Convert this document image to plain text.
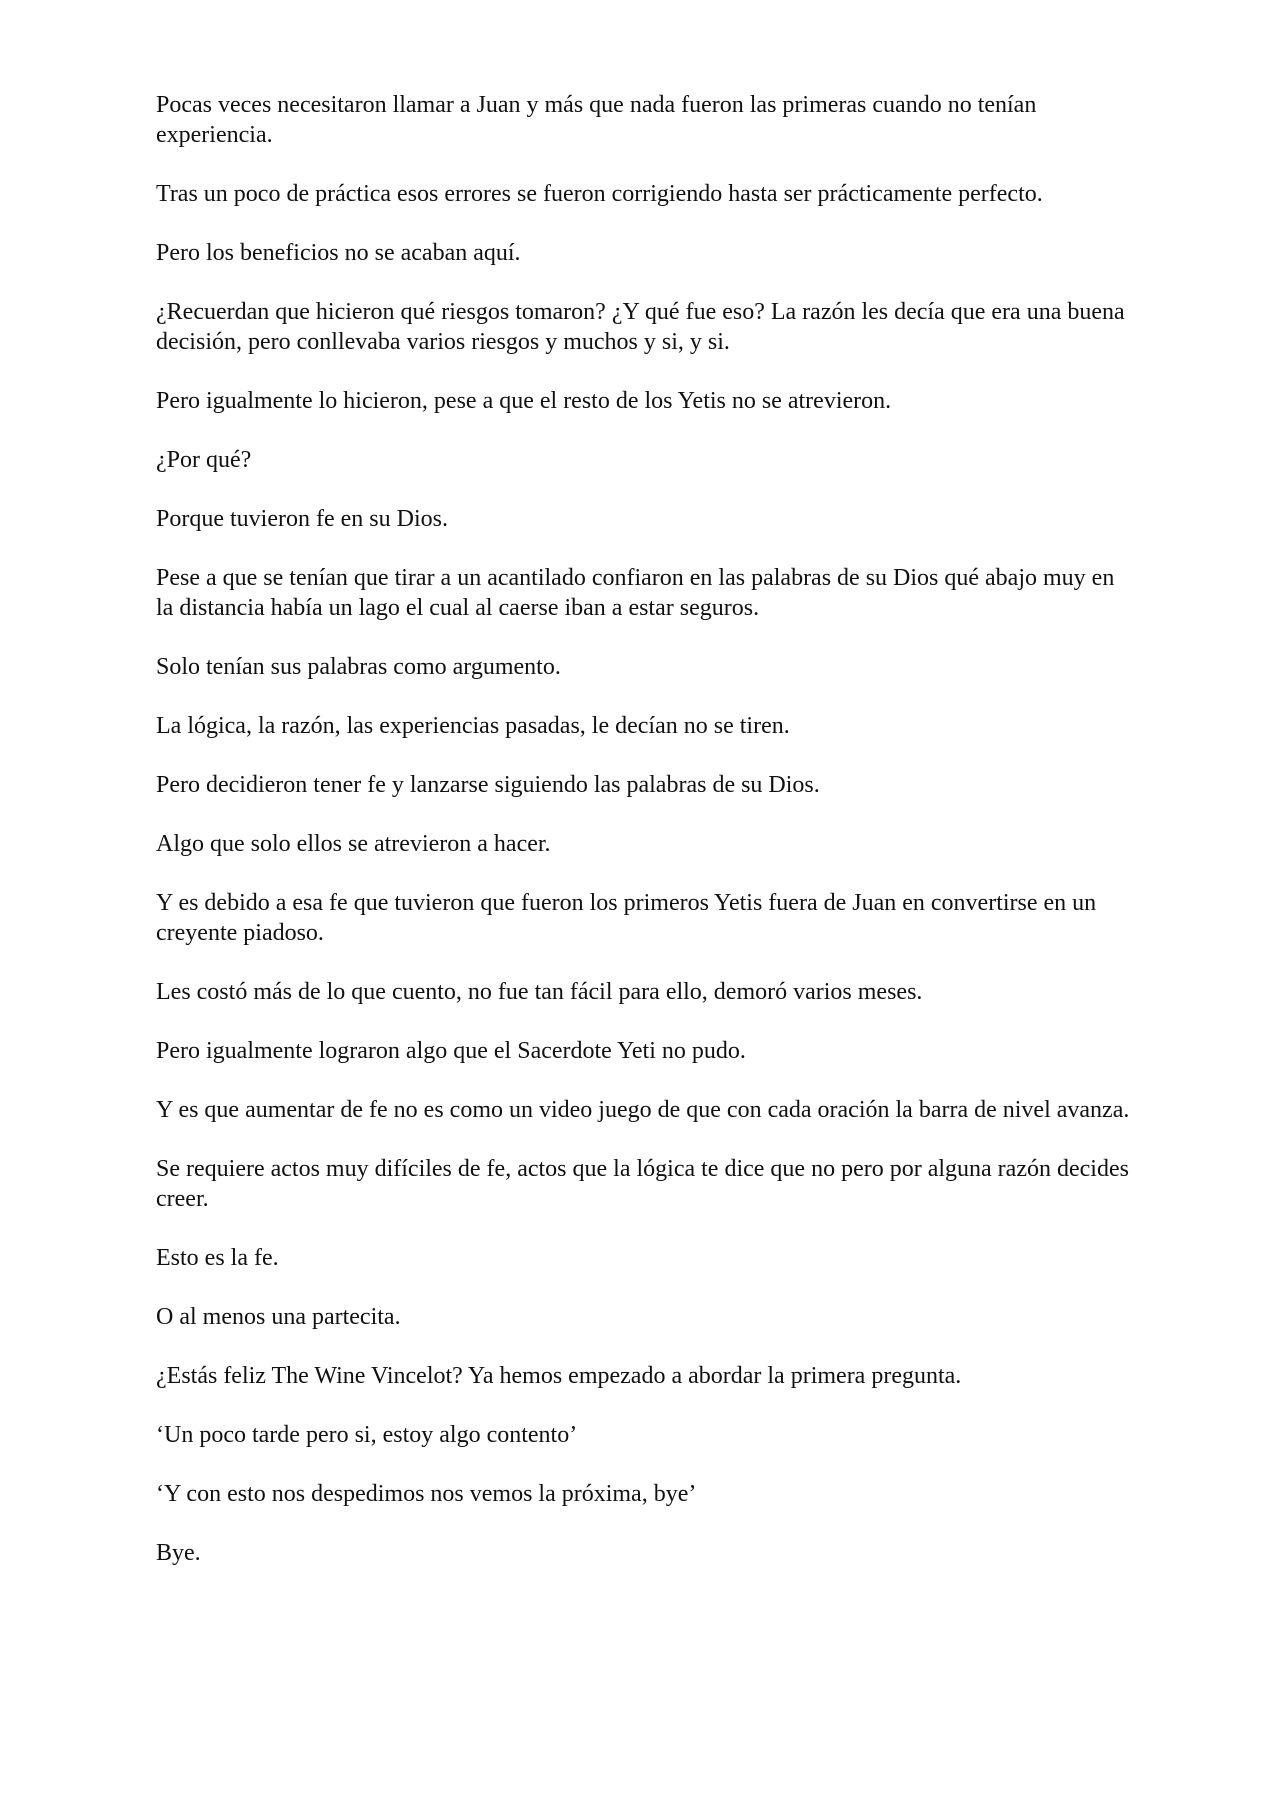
Pocas veces necesitaron llamar a Juan y más que nada fueron las primeras cuando no tenían experiencia.

Tras un poco de práctica esos errores se fueron corrigiendo hasta ser prácticamente perfecto.

Pero los beneficios no se acaban aquí.

¿Recuerdan que hicieron qué riesgos tomaron? ¿Y qué fue eso? La razón les decía que era una buena decisión, pero conllevaba varios riesgos y muchos y si, y si.

Pero igualmente lo hicieron, pese a que el resto de los Yetis no se atrevieron.

¿Por qué?

Porque tuvieron fe en su Dios.

Pese a que se tenían que tirar a un acantilado confiaron en las palabras de su Dios qué abajo muy en la distancia había un lago el cual al caerse iban a estar seguros.

Solo tenían sus palabras como argumento.

La lógica, la razón, las experiencias pasadas, le decían no se tiren.

Pero decidieron tener fe y lanzarse siguiendo las palabras de su Dios.

Algo que solo ellos se atrevieron a hacer.

Y es debido a esa fe que tuvieron que fueron los primeros Yetis fuera de Juan en convertirse en un creyente piadoso.

Les costó más de lo que cuento, no fue tan fácil para ello, demoró varios meses.

Pero igualmente lograron algo que el Sacerdote Yeti no pudo.

Y es que aumentar de fe no es como un video juego de que con cada oración la barra de nivel avanza.

Se requiere actos muy difíciles de fe, actos que la lógica te dice que no pero por alguna razón decides creer.

Esto es la fe.

O al menos una partecita.

¿Estás feliz The Wine Vincelot? Ya hemos empezado a abordar la primera pregunta.

‘Un poco tarde pero si, estoy algo contento’

‘Y con esto nos despedimos nos vemos la próxima, bye’

Bye.
